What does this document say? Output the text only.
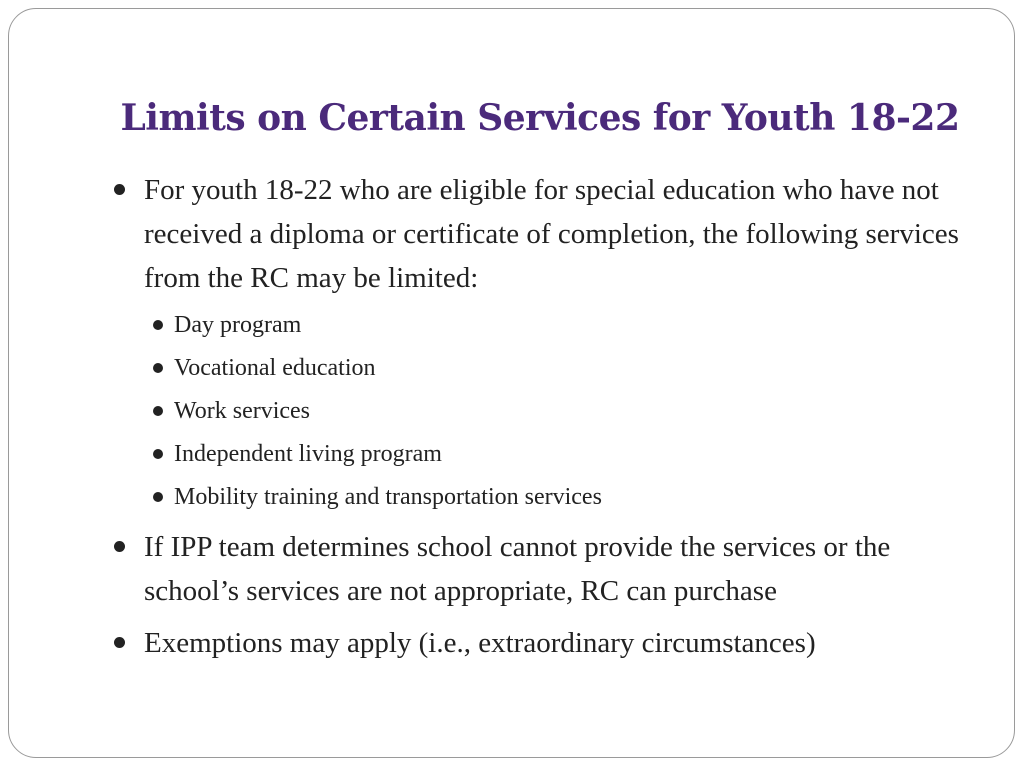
Limits on Certain Services for Youth 18-22
For youth 18-22 who are eligible for special education who have not received a diploma or certificate of completion, the following services from the RC may be limited:
Day program
Vocational education
Work services
Independent living program
Mobility training and transportation services
If IPP team determines school cannot provide the services or the school’s services are not appropriate, RC can purchase
Exemptions may apply (i.e., extraordinary circumstances)
